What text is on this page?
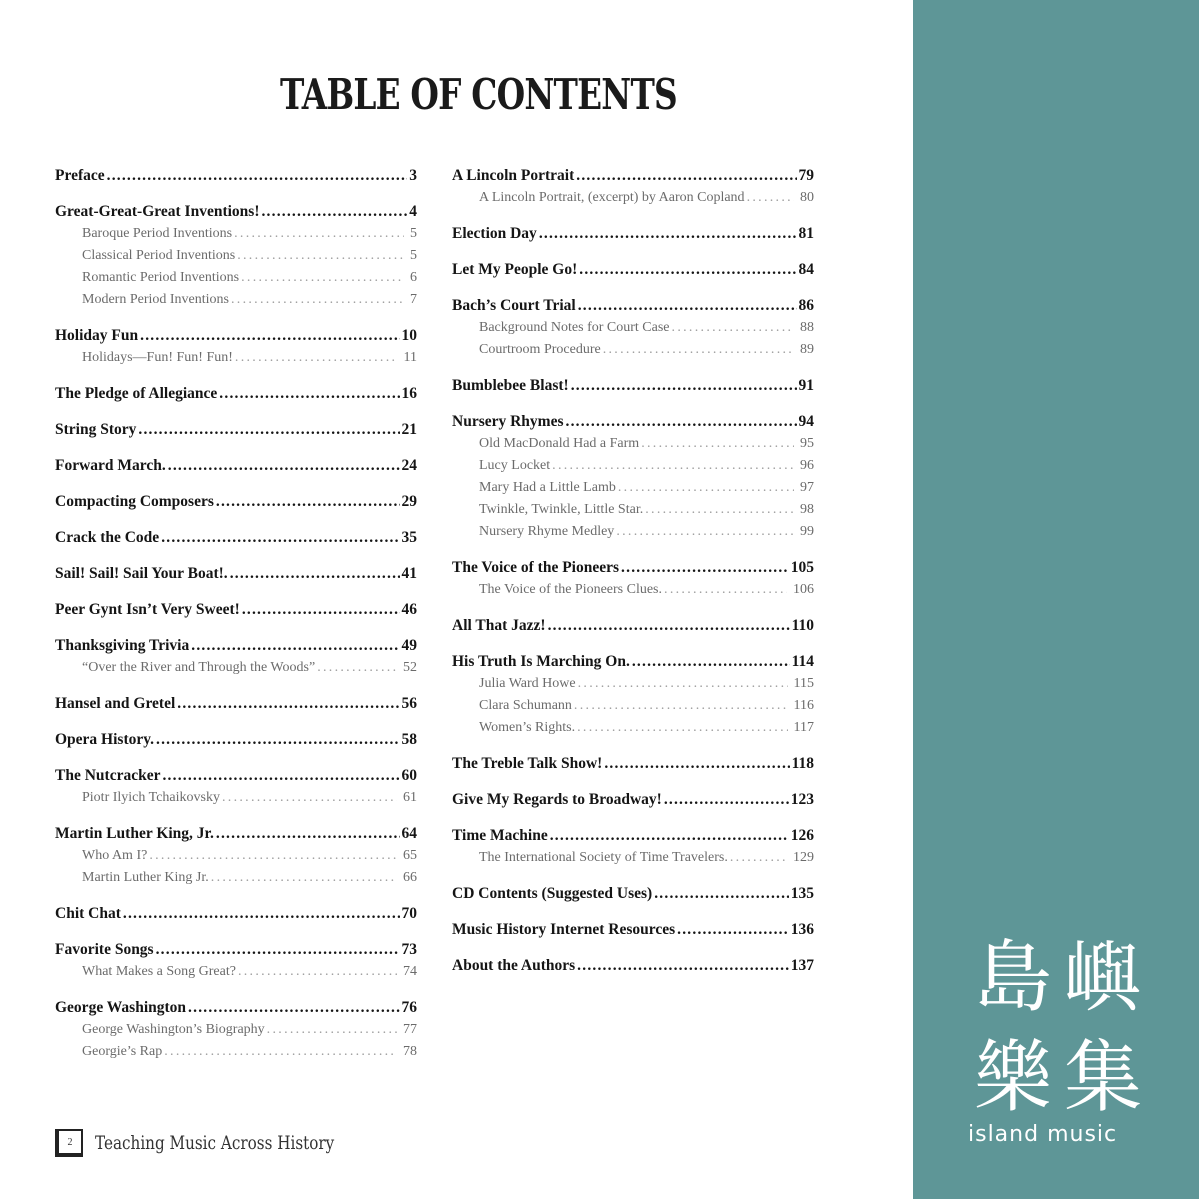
TABLE OF CONTENTS
Preface .....	3
Great-Great-Great Inventions! .....	4
Baroque Period Inventions .....	5
Classical Period Inventions .....	5
Romantic Period Inventions .....	6
Modern Period Inventions .....	7
Holiday Fun .....	10
Holidays—Fun! Fun! Fun! .....	11
The Pledge of Allegiance .....	16
String Story .....	21
Forward March. .....	24
Compacting Composers .....	29
Crack the Code .....	35
Sail! Sail! Sail Your Boat!. .....	41
Peer Gynt Isn’t Very Sweet! .....	46
Thanksgiving Trivia .....	49
“Over the River and Through the Woods” .....	52
Hansel and Gretel .....	56
Opera History. .....	58
The Nutcracker .....	60
Piotr Ilyich Tchaikovsky .....	61
Martin Luther King, Jr. .....	64
Who Am I? .....	65
Martin Luther King Jr. .....	66
Chit Chat .....	70
Favorite Songs .....	73
What Makes a Song Great? .....	74
George Washington .....	76
George Washington’s Biography .....	77
Georgie’s Rap .....	78
A Lincoln Portrait .....	79
A Lincoln Portrait, (excerpt) by Aaron Copland .....	80
Election Day .....	81
Let My People Go! .....	84
Bach’s Court Trial .....	86
Background Notes for Court Case .....	88
Courtroom Procedure .....	89
Bumblebee Blast! .....	91
Nursery Rhymes .....	94
Old MacDonald Had a Farm .....	95
Lucy Locket .....	96
Mary Had a Little Lamb .....	97
Twinkle, Twinkle, Little Star. .....	98
Nursery Rhyme Medley .....	99
The Voice of the Pioneers .....	105
The Voice of the Pioneers Clues. .....	106
All That Jazz! .....	110
His Truth Is Marching On. .....	114
Julia Ward Howe .....	115
Clara Schumann .....	116
Women’s Rights. .....	117
The Treble Talk Show! .....	118
Give My Regards to Broadway! .....	123
Time Machine .....	126
The International Society of Time Travelers. .....	129
CD Contents (Suggested Uses) .....	135
Music History Internet Resources .....	136
About the Authors .....	137
2 Teaching Music Across History
島 嶼
樂 集
island music
